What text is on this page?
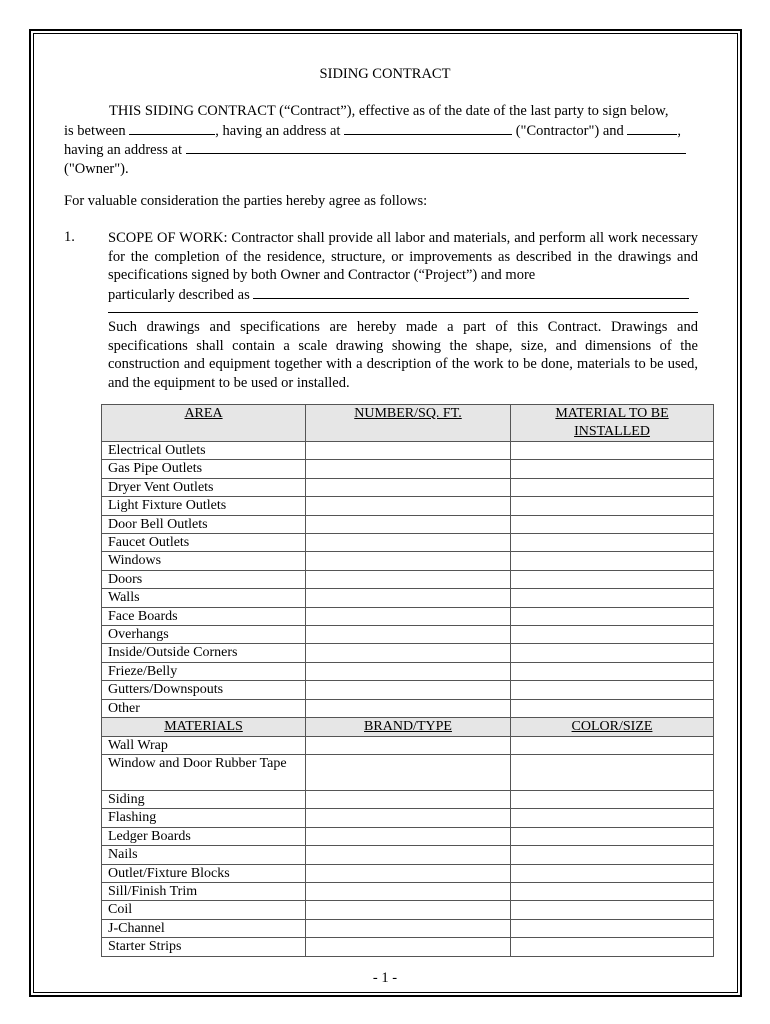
SIDING CONTRACT
THIS SIDING CONTRACT (“Contract”), effective as of the date of the last party to sign below,
is between	, having an address at	("Contractor") and	,
having an address at
("Owner").
For valuable consideration the parties hereby agree as follows:
1. SCOPE OF WORK: Contractor shall provide all labor and materials, and perform all work necessary for the completion of the residence, structure, or improvements as described in the drawings and specifications signed by both Owner and Contractor (“Project”) and more
particularly described as
Such drawings and specifications are hereby made a part of this Contract. Drawings and specifications shall contain a scale drawing showing the shape, size, and dimensions of the construction and equipment together with a description of the work to be done, materials to be used, and the equipment to be used or installed.
AREA	NUMBER/SQ. FT.	MATERIAL TO BE INSTALLED
Electrical Outlets		
Gas Pipe Outlets		
Dryer Vent Outlets		
Light Fixture Outlets		
Door Bell Outlets		
Faucet Outlets		
Windows		
Doors		
Walls		
Face Boards		
Overhangs		
Inside/Outside Corners		
Frieze/Belly		
Gutters/Downspouts		
Other		
MATERIALS	BRAND/TYPE	COLOR/SIZE
Wall Wrap		
Window and Door Rubber Tape		
Siding		
Flashing		
Ledger Boards		
Nails		
Outlet/Fixture Blocks		
Sill/Finish Trim		
Coil		
J-Channel		
Starter Strips		
- 1 -
